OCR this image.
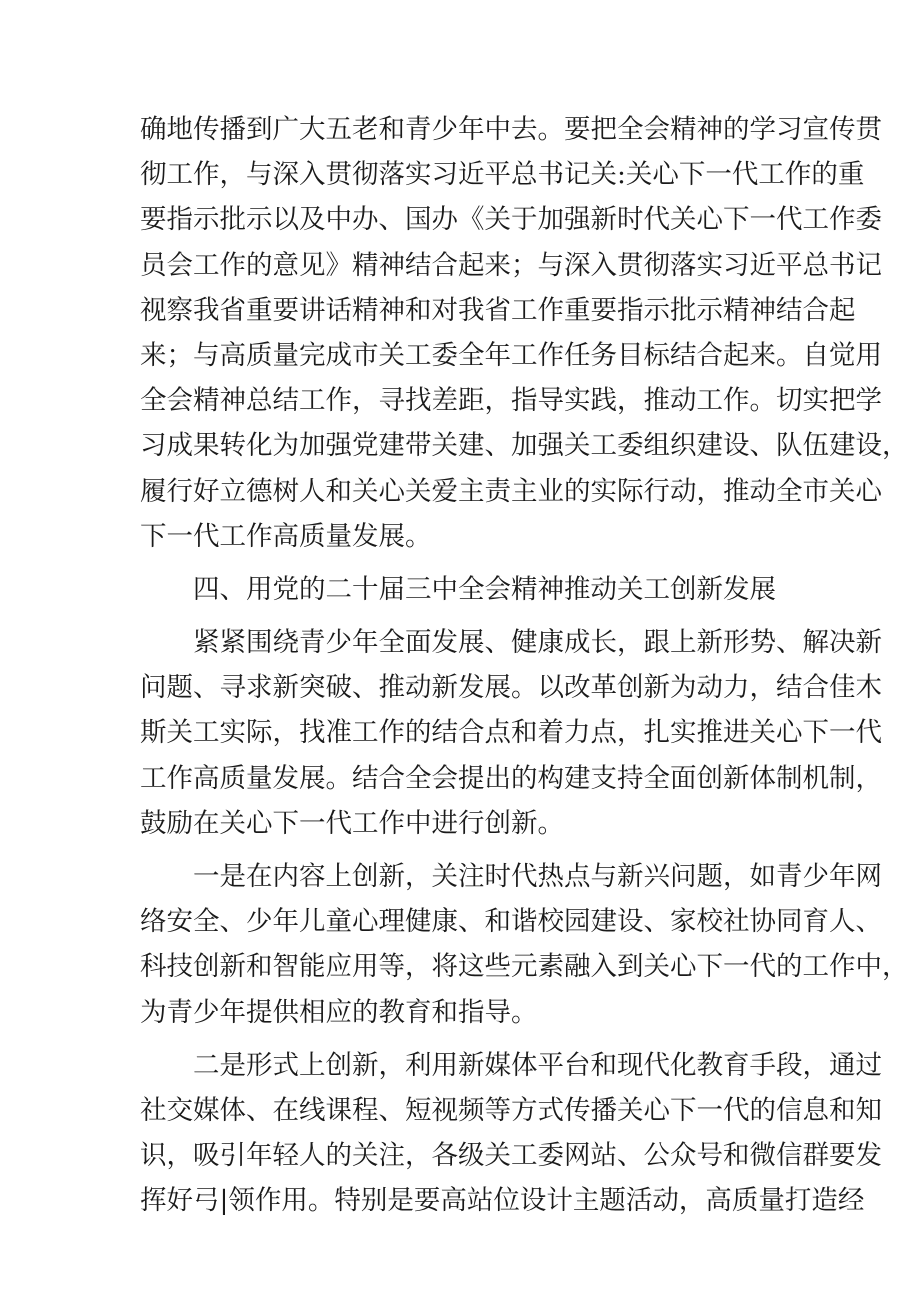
确地传播到广大五老和青少年中去。要把全会精神的学习宣传贯
彻工作，与深入贯彻落实习近平总书记关:关心下一代工作的重
要指示批示以及中办、国办《关于加强新时代关心下一代工作委
员会工作的意见》精神结合起来；与深入贯彻落实习近平总书记
视察我省重要讲话精神和对我省工作重要指示批示精神结合起
来；与高质量完成市关工委全年工作任务目标结合起来。自觉用
全会精神总结工作，寻找差距，指导实践，推动工作。切实把学
习成果转化为加强党建带关建、加强关工委组织建设、队伍建设，
履行好立德树人和关心关爱主责主业的实际行动，推动全市关心
下一代工作高质量发展。
　　四、用党的二十届三中全会精神推动关工创新发展
　　紧紧围绕青少年全面发展、健康成长，跟上新形势、解决新
问题、寻求新突破、推动新发展。以改革创新为动力，结合佳木
斯关工实际，找准工作的结合点和着力点，扎实推进关心下一代
工作高质量发展。结合全会提出的构建支持全面创新体制机制，
鼓励在关心下一代工作中进行创新。
　　一是在内容上创新，关注时代热点与新兴问题，如青少年网
络安全、少年儿童心理健康、和谐校园建设、家校社协同育人、
科技创新和智能应用等，将这些元素融入到关心下一代的工作中，
为青少年提供相应的教育和指导。
　　二是形式上创新，利用新媒体平台和现代化教育手段，通过
社交媒体、在线课程、短视频等方式传播关心下一代的信息和知
识，吸引年轻人的关注，各级关工委网站、公众号和微信群要发
挥好弓|领作用。特别是要高站位设计主题活动，高质量打造经
